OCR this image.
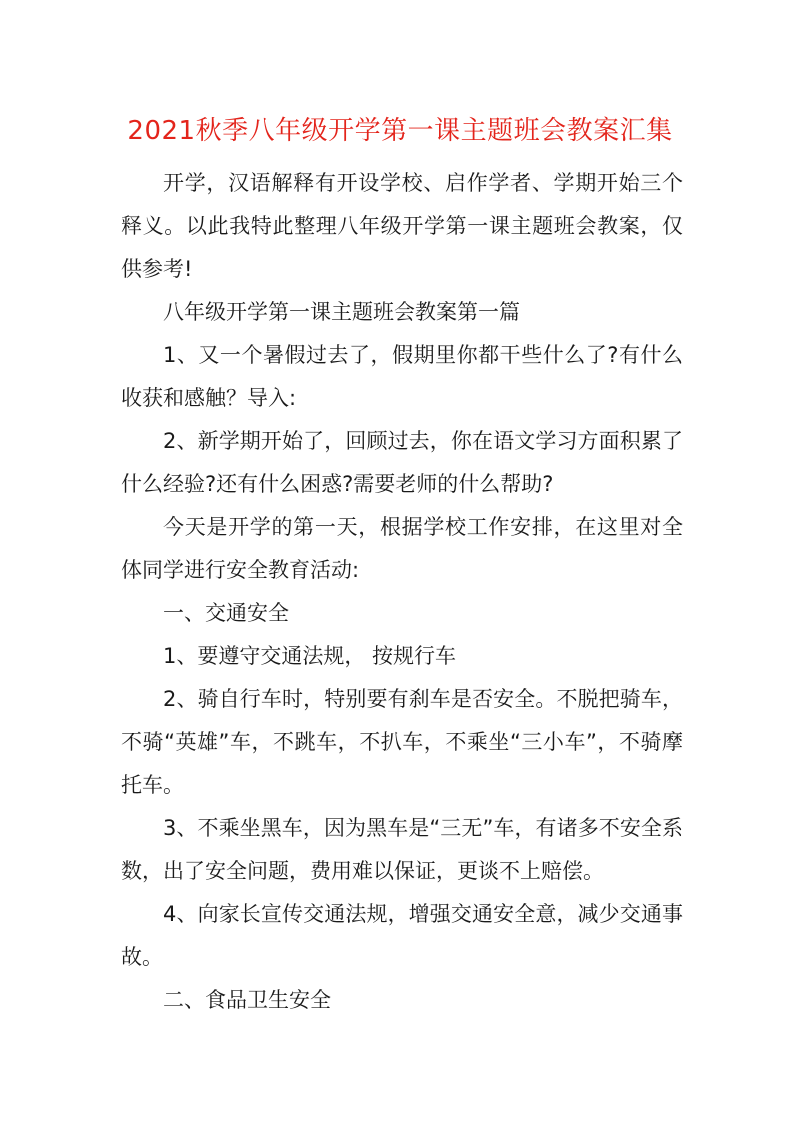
2021秋季八年级开学第一课主题班会教案汇集

开学，汉语解释有开设学校、启作学者、学期开始三个释义。以此我特此整理八年级开学第一课主题班会教案，仅供参考!

八年级开学第一课主题班会教案第一篇

1、又一个暑假过去了，假期里你都干些什么了?有什么收获和感触？导入:

2、新学期开始了，回顾过去，你在语文学习方面积累了什么经验?还有什么困惑?需要老师的什么帮助?

今天是开学的第一天，根据学校工作安排，在这里对全体同学进行安全教育活动:

一、交通安全

1、要遵守交通法规， 按规行车

2、骑自行车时，特别要有刹车是否安全。不脱把骑车，不骑“英雄”车，不跳车，不扒车，不乘坐“三小车”，不骑摩托车。

3、不乘坐黑车，因为黑车是“三无”车，有诸多不安全系数，出了安全问题，费用难以保证，更谈不上赔偿。

4、向家长宣传交通法规，增强交通安全意，减少交通事故。

二、食品卫生安全
